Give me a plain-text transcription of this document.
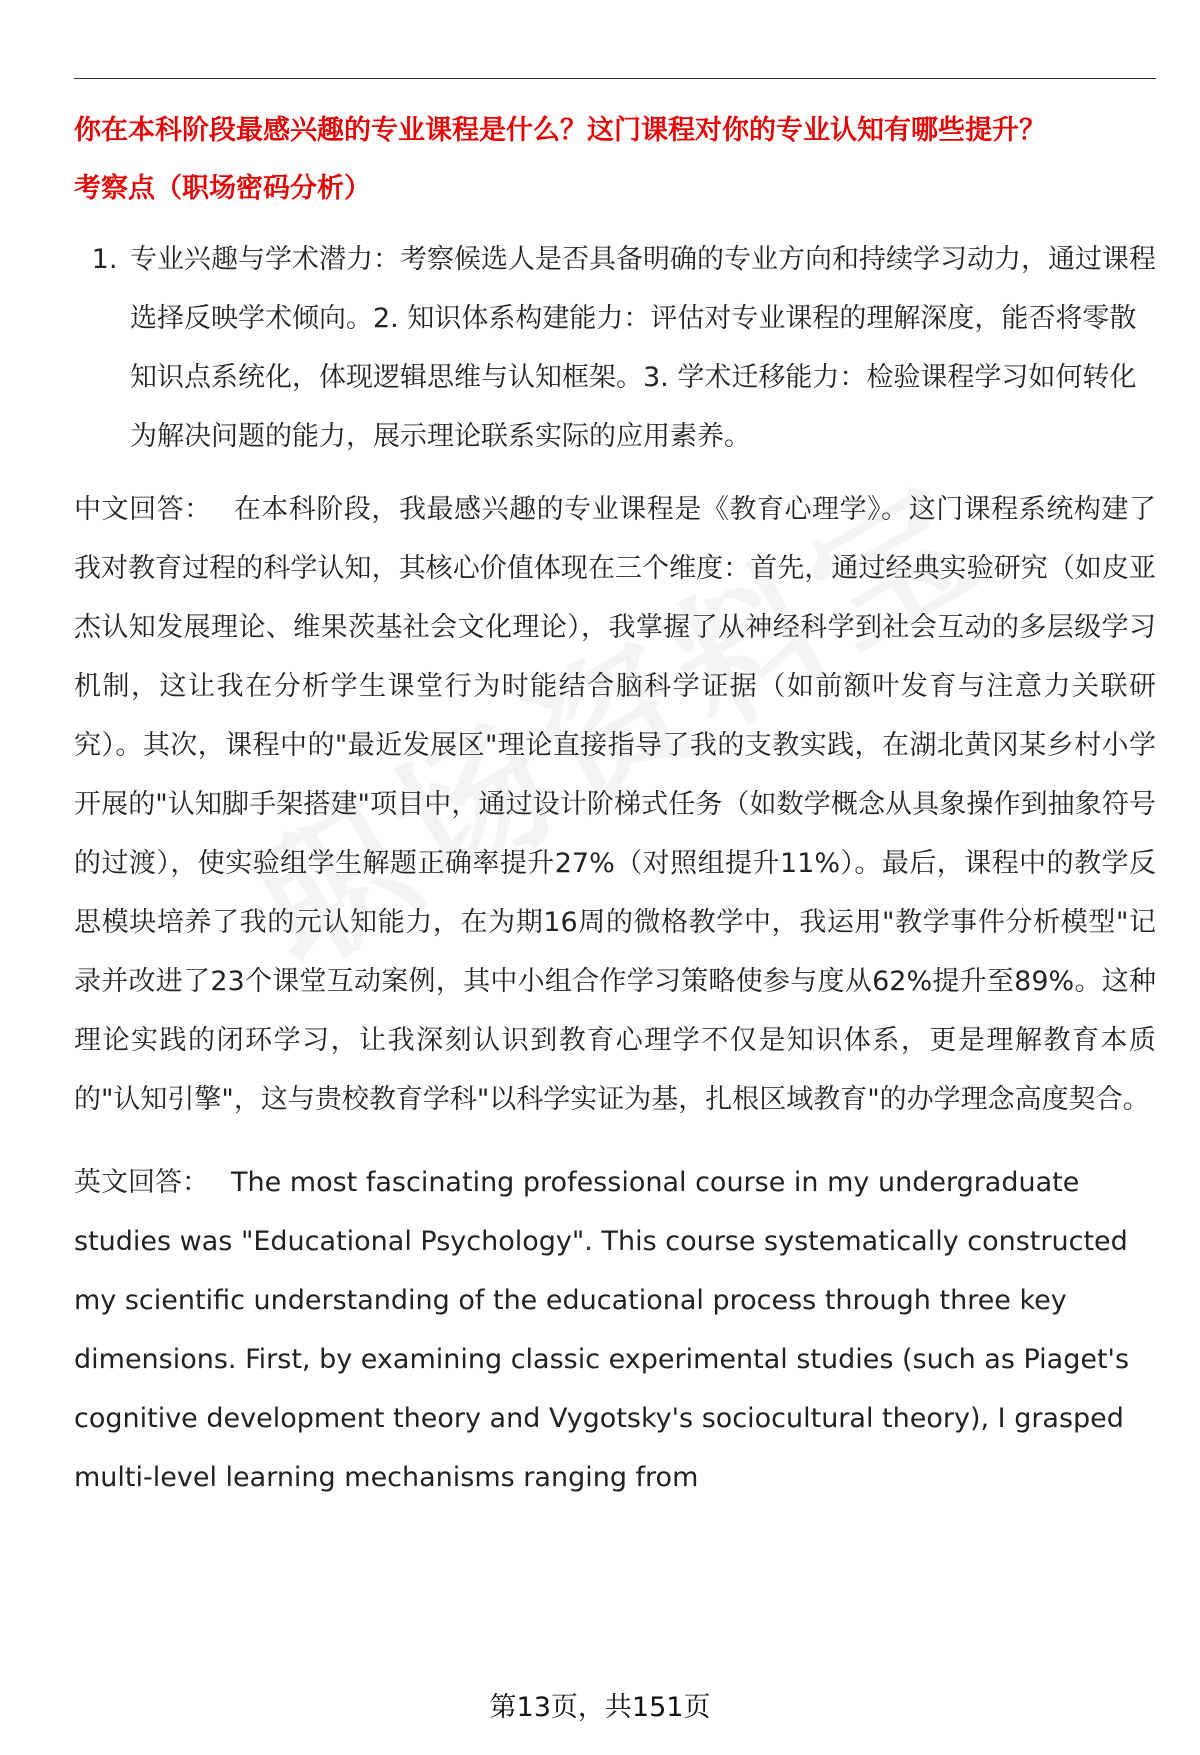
你在本科阶段最感兴趣的专业课程是什么？这门课程对你的专业认知有哪些提升？
考察点（职场密码分析）
1. 专业兴趣与学术潜力：考察候选人是否具备明确的专业方向和持续学习动力，通过课程选择反映学术倾向。2. 知识体系构建能力：评估对专业课程的理解深度，能否将零散知识点系统化，体现逻辑思维与认知框架。3. 学术迁移能力：检验课程学习如何转化为解决问题的能力，展示理论联系实际的应用素养。

中文回答： 在本科阶段，我最感兴趣的专业课程是《教育心理学》。这门课程系统构建了我对教育过程的科学认知，其核心价值体现在三个维度：首先，通过经典实验研究（如皮亚杰认知发展理论、维果茨基社会文化理论），我掌握了从神经科学到社会互动的多层级学习机制，这让我在分析学生课堂行为时能结合脑科学证据（如前额叶发育与注意力关联研究）。其次，课程中的"最近发展区"理论直接指导了我的支教实践，在湖北黄冈某乡村小学开展的"认知脚手架搭建"项目中，通过设计阶梯式任务（如数学概念从具象操作到抽象符号的过渡），使实验组学生解题正确率提升27%（对照组提升11%）。最后，课程中的教学反思模块培养了我的元认知能力，在为期16周的微格教学中，我运用"教学事件分析模型"记录并改进了23个课堂互动案例，其中小组合作学习策略使参与度从62%提升至89%。这种理论实践的闭环学习，让我深刻认识到教育心理学不仅是知识体系，更是理解教育本质的"认知引擎"，这与贵校教育学科"以科学实证为基，扎根区域教育"的办学理念高度契合。

英文回答： The most fascinating professional course in my undergraduate studies was "Educational Psychology". This course systematically constructed my scientific understanding of the educational process through three key dimensions. First, by examining classic experimental studies (such as Piaget's cognitive development theory and Vygotsky's sociocultural theory), I grasped multi-level learning mechanisms ranging from

第13页，共151页
